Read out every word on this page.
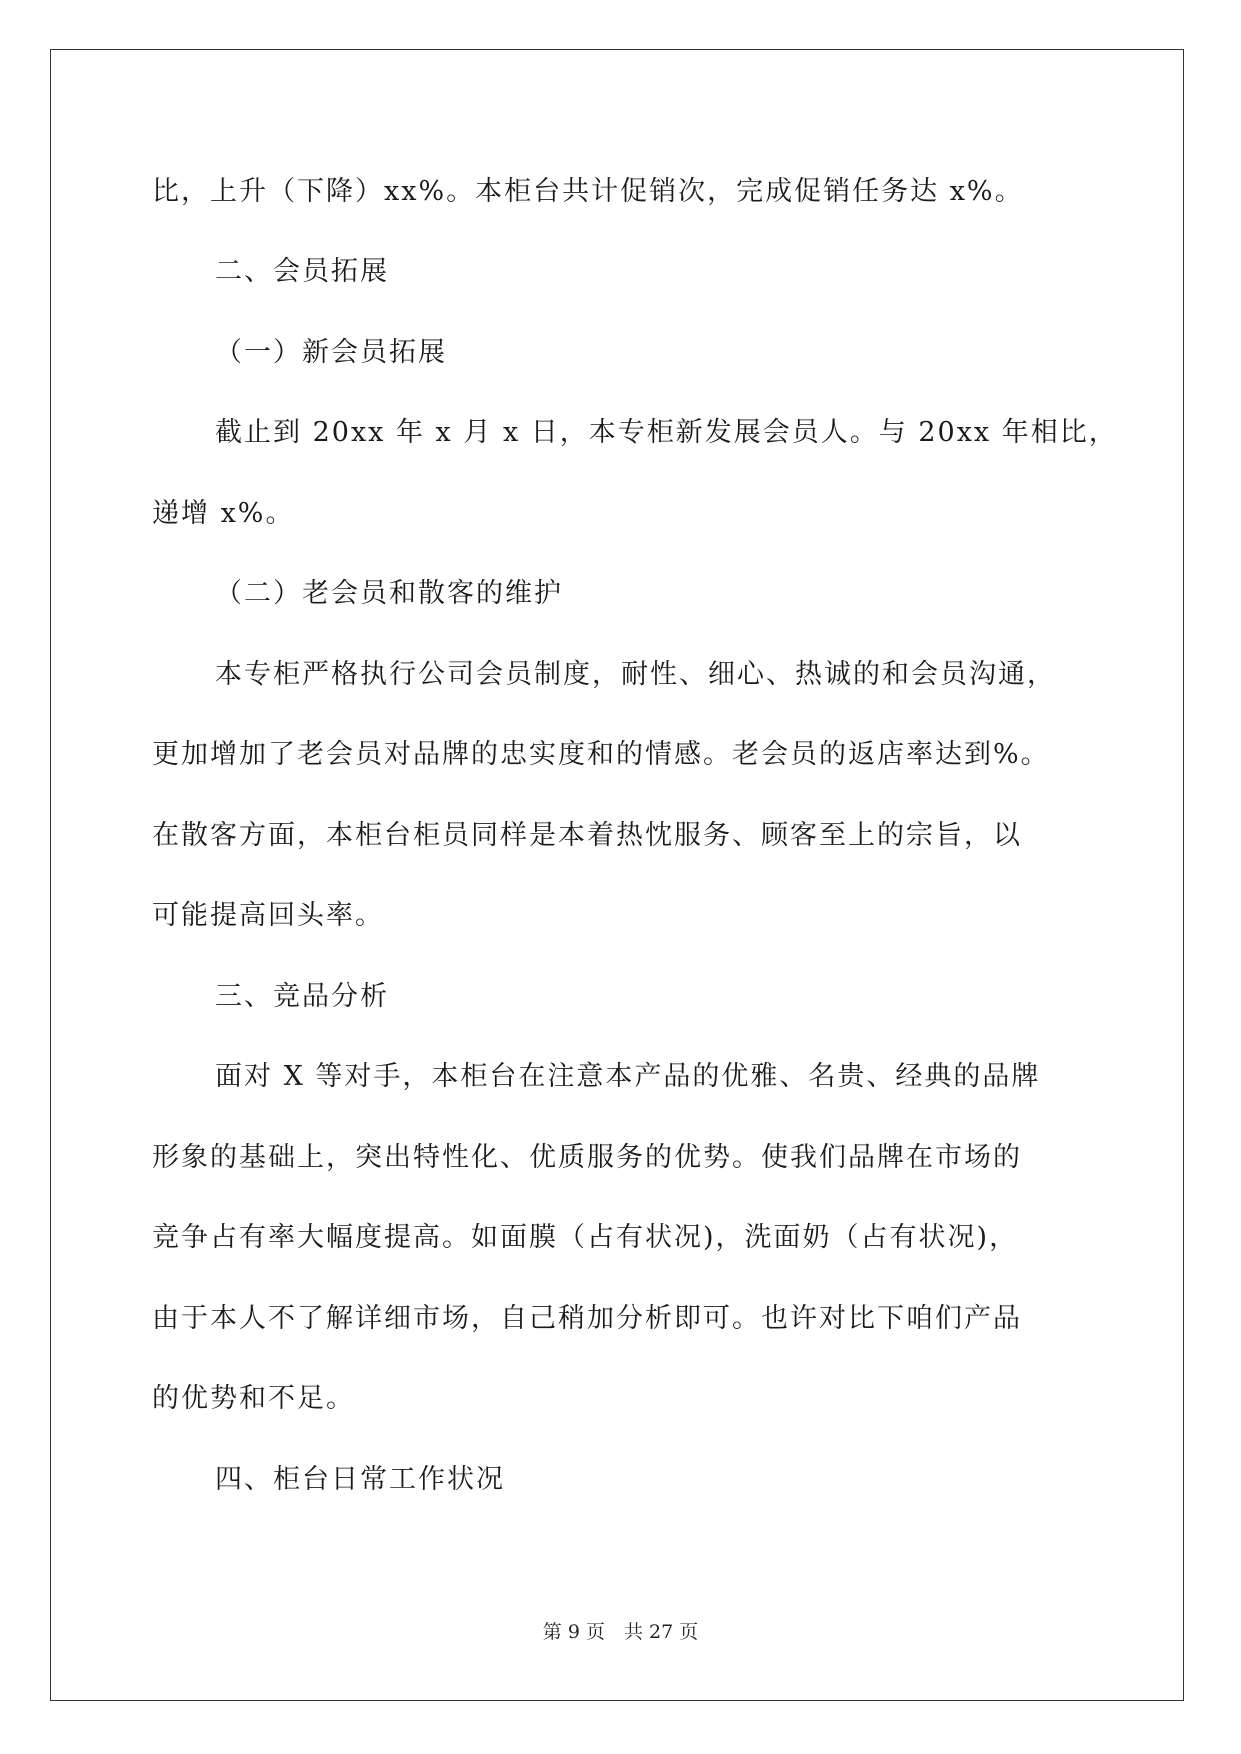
比，上升（下降）xx%。本柜台共计促销次，完成促销任务达 x%。
二、会员拓展
（一）新会员拓展
截止到 20xx 年 x 月 x 日，本专柜新发展会员人。与 20xx 年相比，
递增 x%。
（二）老会员和散客的维护
本专柜严格执行公司会员制度，耐性、细心、热诚的和会员沟通，
更加增加了老会员对品牌的忠实度和的情感。老会员的返店率达到%。
在散客方面，本柜台柜员同样是本着热忱服务、顾客至上的宗旨，以
可能提高回头率。
三、竞品分析
面对 X 等对手，本柜台在注意本产品的优雅、名贵、经典的品牌
形象的基础上，突出特性化、优质服务的优势。使我们品牌在市场的
竞争占有率大幅度提高。如面膜（占有状况)，洗面奶（占有状况)，
由于本人不了解详细市场，自己稍加分析即可。也许对比下咱们产品
的优势和不足。
四、柜台日常工作状况
第 9 页　共 27 页
